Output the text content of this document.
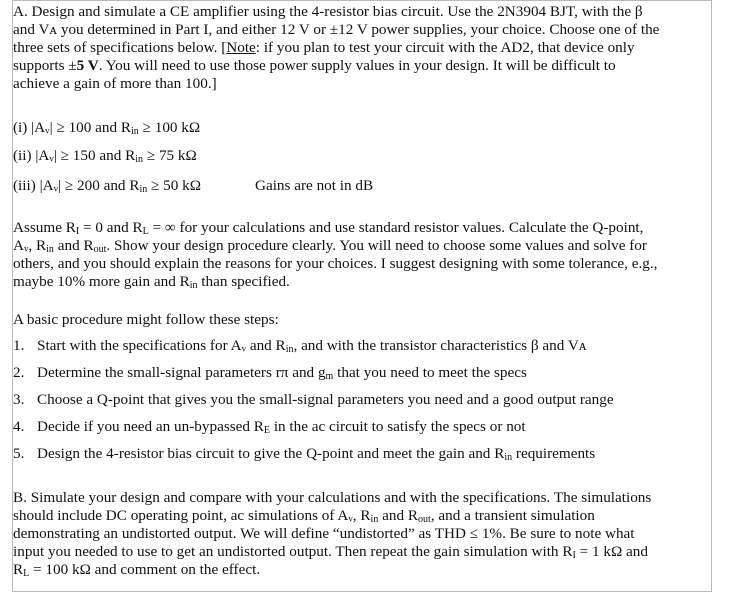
A. Design and simulate a CE amplifier using the 4-resistor bias circuit. Use the 2N3904 BJT, with the β
and Vᴀ you determined in Part I, and either 12 V or ±12 V power supplies, your choice. Choose one of the
three sets of specifications below. [Note: if you plan to test your circuit with the AD2, that device only
supports ±5 V. You will need to use those power supply values in your design. It will be difficult to
achieve a gain of more than 100.]
(i) |Aᵥ| ≥ 100 and $R_{in} \ge 100$ kΩ
(ii) |Aᵥ| ≥ 150 and $R_{in} \ge 75$ kΩ
(iii) |Aᵥ| ≥ 200 and $R_{in} \ge 50$ kΩ	Gains are not in dB
Assume $R_I = 0$ and $R_L$ = ∞ for your calculations and use standard resistor values. Calculate the Q-point,
Aᵥ, $R_{in}$ and $R_{out}$. Show your design procedure clearly. You will need to choose some values and solve for
others, and you should explain the reasons for your choices. I suggest designing with some tolerance, e.g.,
maybe 10% more gain and $R_{in}$ than specified.
A basic procedure might follow these steps:
1. Start with the specifications for Aᵥ and $R_{in}$, and with the transistor characteristics β and Vᴀ
2. Determine the small-signal parameters rπ and $g_m$ that you need to meet the specs
3. Choose a Q-point that gives you the small-signal parameters you need and a good output range
4. Decide if you need an un-bypassed $R_E$ in the ac circuit to satisfy the specs or not
5. Design the 4-resistor bias circuit to give the Q-point and meet the gain and $R_{in}$ requirements
B. Simulate your design and compare with your calculations and with the specifications. The simulations
should include DC operating point, ac simulations of Aᵥ, $R_{in}$ and $R_{out}$, and a transient simulation
demonstrating an undistorted output. We will define “undistorted” as THD ≤ 1%. Be sure to note what
input you needed to use to get an undistorted output. Then repeat the gain simulation with $R_I = 1$ kΩ and
$R_L = 100$ kΩ and comment on the effect.
